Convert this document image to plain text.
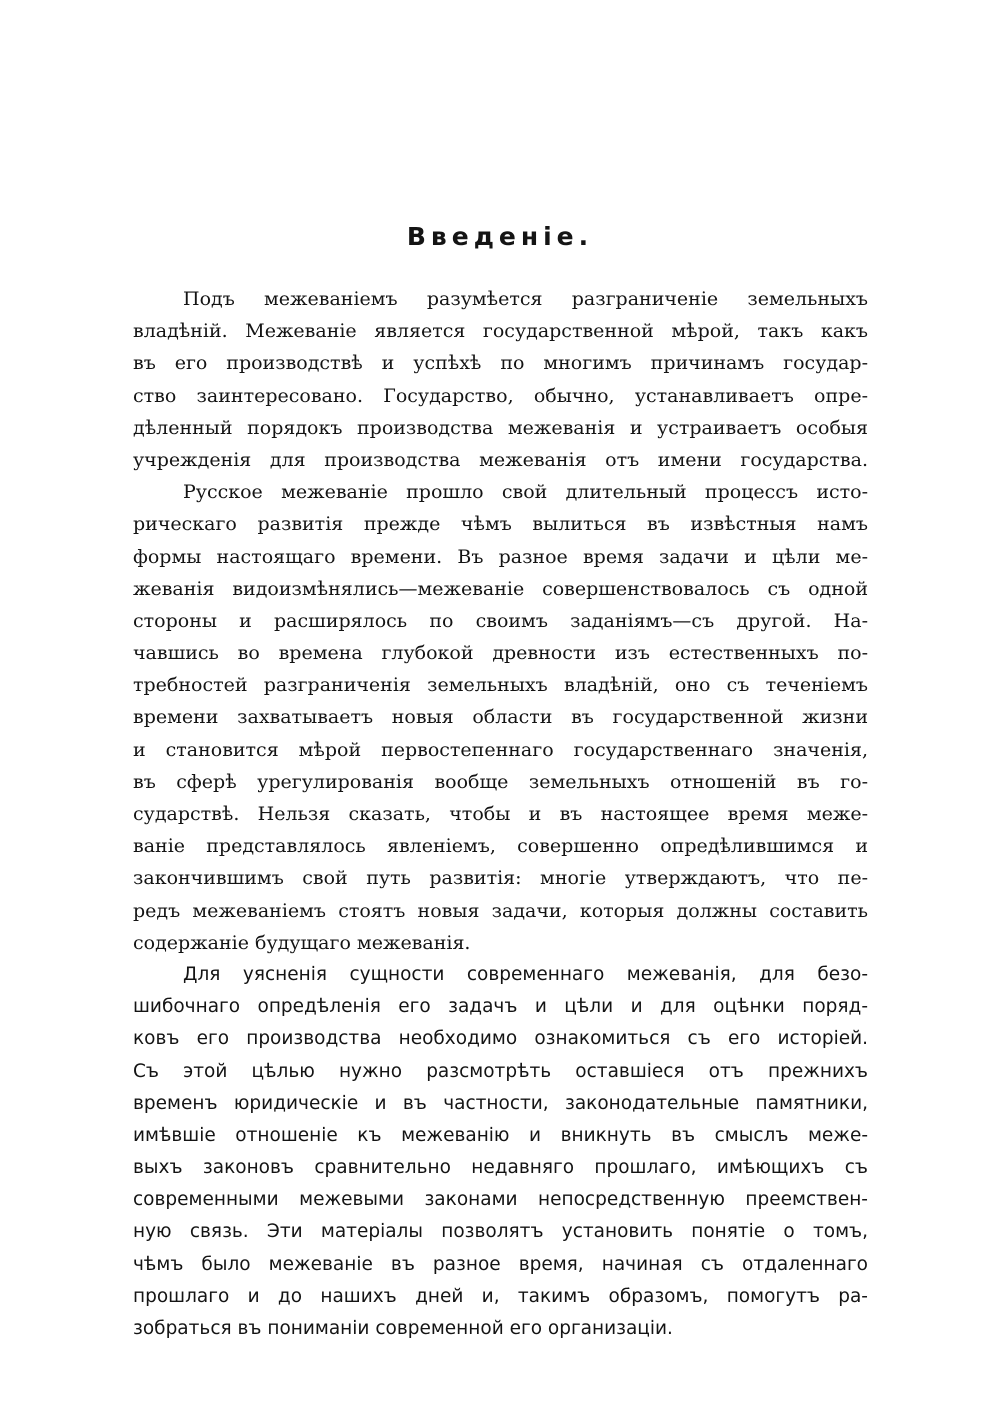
Введеніе.
Подъ межеваніемъ разумѣется разграниченіе земельныхъ
владѣній. Межеваніе является государственной мѣрой, такъ какъ
въ его производствѣ и успѣхѣ по многимъ причинамъ государ-
ство заинтересовано. Государство, обычно, устанавливаетъ опре-
дѣленный порядокъ производства межеванія и устраиваетъ особыя
учрежденія для производства межеванія отъ имени государства.
Русское межеваніе прошло свой длительный процессъ исто-
рическаго развитія прежде чѣмъ вылиться въ извѣстныя намъ
формы настоящаго времени. Въ разное время задачи и цѣли ме-
жеванія видоизмѣнялись—межеваніе совершенствовалось съ одной
стороны и расширялось по своимъ заданіямъ—съ другой. На-
чавшись во времена глубокой древности изъ естественныхъ по-
требностей разграниченія земельныхъ владѣній, оно съ теченіемъ
времени захватываетъ новыя области въ государственной жизни
и становится мѣрой первостепеннаго государственнаго значенія,
въ сферѣ урегулированія вообще земельныхъ отношеній въ го-
сударствѣ. Нельзя сказать, чтобы и въ настоящее время меже-
ваніе представлялось явленіемъ, совершенно опредѣлившимся и
закончившимъ свой путь развитія: многіе утверждаютъ, что пе-
редъ межеваніемъ стоятъ новыя задачи, которыя должны составить
содержаніе будущаго межеванія.
Для уясненія сущности современнаго межеванія, для безо-
шибочнаго опредѣленія его задачъ и цѣли и для оцѣнки поряд-
ковъ его производства необходимо ознакомиться съ его исторіей.
Съ этой цѣлью нужно разсмотрѣть оставшіеся отъ прежнихъ
временъ юридическіе и въ частности, законодательные памятники,
имѣвшіе отношеніе къ межеванію и вникнуть въ смыслъ меже-
выхъ законовъ сравнительно недавняго прошлаго, имѣющихъ съ
современными межевыми законами непосредственную преемствен-
ную связь. Эти матеріалы позволятъ установить понятіе о томъ,
чѣмъ было межеваніе въ разное время, начиная съ отдаленнаго
прошлаго и до нашихъ дней и, такимъ образомъ, помогутъ ра-
зобраться въ пониманіи современной его организаціи.
